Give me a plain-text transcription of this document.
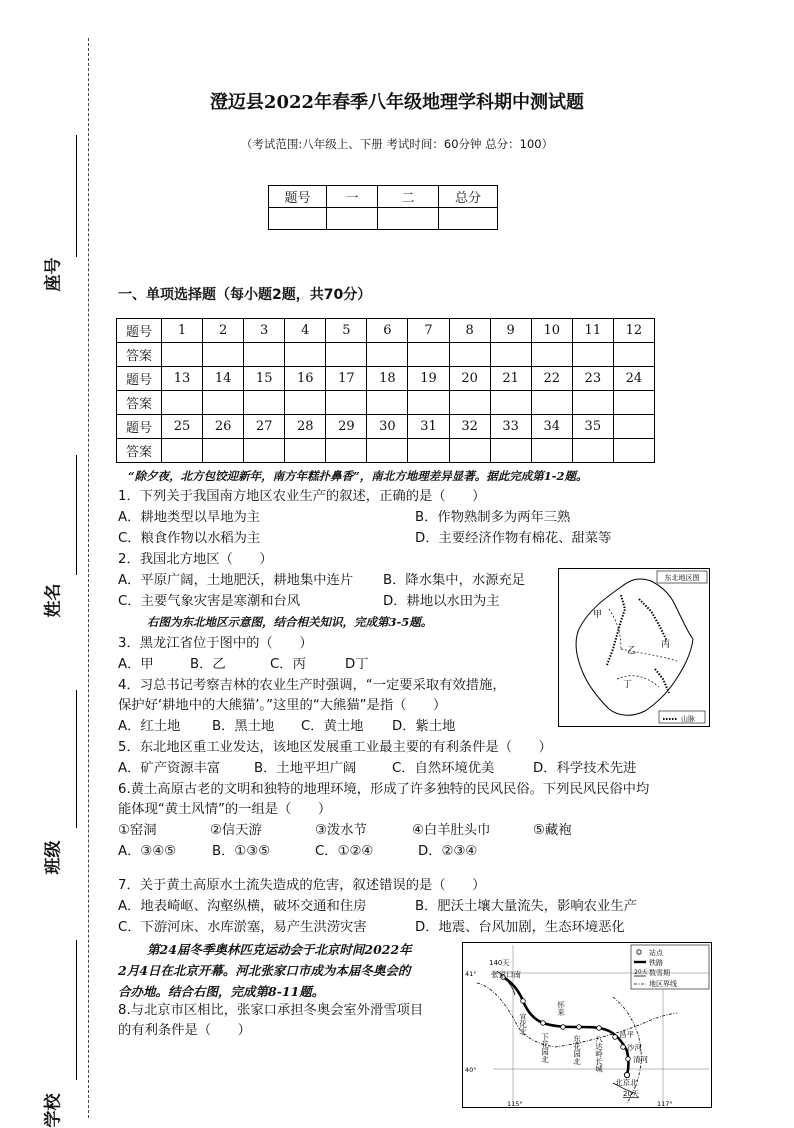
座号
姓名
班级
学校
澄迈县2022年春季八年级地理学科期中测试题
（考试范围:八年级上、下册 考试时间：60分钟 总分：100）
题号	一	二	总分

一、单项选择题（每小题2题，共70分）
题号	1	2	3	4	5	6	7	8	9	10	11	12
答案												
题号	13	14	15	16	17	18	19	20	21	22	23	24
答案												
题号	25	26	27	28	29	30	31	32	33	34	35	
答案												
“除夕夜，北方包饺迎新年，南方年糕扑鼻香”，南北方地理差异显著。据此完成第1-2题。
1．下列关于我国南方地区农业生产的叙述，正确的是（　　）
A．耕地类型以旱地为主	B．作物熟制多为两年三熟
C．粮食作物以水稻为主	D．主要经济作物有棉花、甜菜等
2．我国北方地区（　　）
A．平原广阔，土地肥沃，耕地集中连片 B．降水集中，水源充足
C．主要气象灾害是寒潮和台风	D．耕地以水田为主
右图为东北地区示意图，结合相关知识，完成第3-5题。
3．黑龙江省位于图中的（　　）
A．甲	B．乙	C．丙	D丁
4．习总书记考察吉林的农业生产时强调，“一定要采取有效措施，
保护好‘耕地中的大熊猫’。”这里的“大熊猫”是指（　　）
A．红土地 B．黑土地 C．黄土地 D．紫土地
5．东北地区重工业发达，该地区发展重工业最主要的有利条件是（　　）
A．矿产资源丰富	B．土地平坦广阔	C．自然环境优美	D．科学技术先进
6.黄土高原古老的文明和独特的地理环境，形成了许多独特的民风民俗。下列民风民俗中均
能体现“黄土风情”的一组是（　　）
①窑洞	②信天游	③泼水节	④白羊肚头巾	⑤藏袍
A．③④⑤	B．①③⑤	C．①②④	D．②③④
7．关于黄土高原水土流失造成的危害，叙述错误的是（　　）
A．地表崎岖、沟壑纵横，破坏交通和住房	B．肥沃土壤大量流失，影响农业生产
C．下游河床、水库淤塞，易产生洪涝灾害	D．地震、台风加剧，生态环境恶化
第24届冬季奥林匹克运动会于北京时间2022年
2月4日在北京开幕。河北张家口市成为本届冬奥会的
合办地。结合右图，完成第8-11题。
8.与北京市区相比，张家口承担冬奥会室外滑雪项目
的有利条件是（　　）
东北地区图
甲
乙
丙
丁
山脉
站点
铁路
20天 数雪期
地区界线
140天
张家口南
宣化北
下花园北
怀来
东花园北 八达岭长城
昌平
沙河
清河
北京北
20天
41°
40°
115°	117°
